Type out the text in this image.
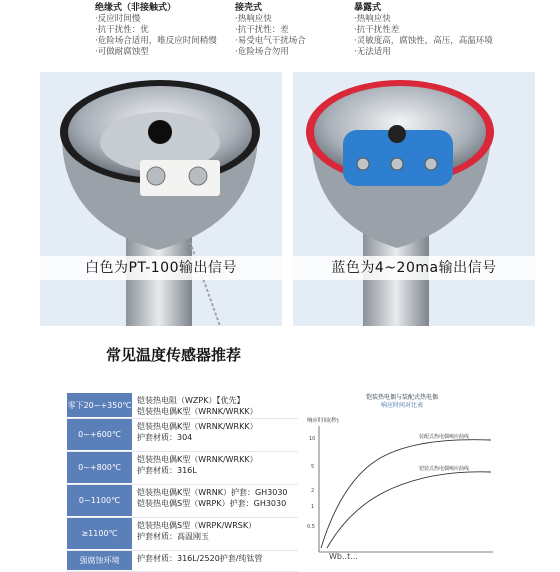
绝缘式（非接触式）
·反应时间慢
·抗干扰性：优
·危险场合适用，唯反应时间稍慢
·可做耐腐蚀型
接壳式
·热响应快
·抗干扰性：差
·易受电气干扰场合
·危险场合勿用
暴露式
·热响应快
·抗干扰性差
·灵敏度高，腐蚀性，高压，高温环境
·无法适用
白色为PT-100输出信号	蓝色为4~20ma输出信号
常见温度传感器推荐
零下20~+350℃ 铠装热电阻（WZPK）【优先】
铠装热电偶K型（WRNK/WRKK）
0~+600℃
铠装热电偶K型（WRNK/WRKK）
护套材质：304
0~+800℃
铠装热电偶K型（WRNK/WRKK）
护套材质：316L
0~1100℃
铠装热电偶K型（WRNK）护套：GH3030
铠装热电偶S型（WRPK）护套：GH3030
≥1100℃
铠装热电偶S型（WRPK/WRSK）
护套材质：高温刚玉
强腐蚀环境	护套材质：316L/2520护套/纯钛管
铠装热电偶与装配式热电偶
响应时间对比表
响应时间(秒)
10
5
2
1
0.5
装配式热电偶响应曲线
铠装式热电偶响应曲线
Wb..t...
